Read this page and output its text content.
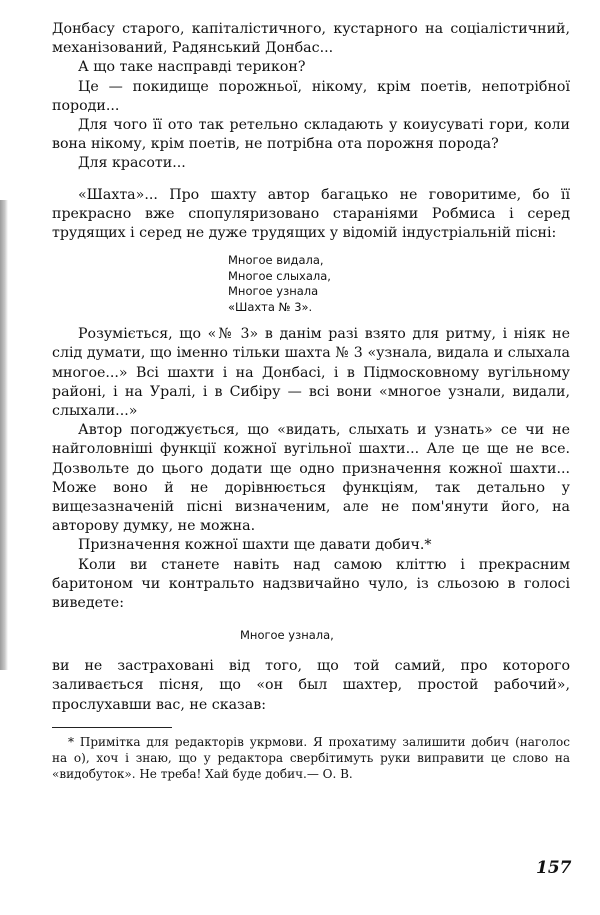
Донбасу старого, капіталістичного, кустарного на соціалістичний, механізований, Радянський Донбас...

А що таке насправді терикон?

Це — покидище порожньої, нікому, крім поетів, непотрібної породи...

Для чого її ото так ретельно складають у коиусуваті гори, коли вона нікому, крім поетів, не потрібна ота порожня порода?

Для красоти...

«Шахта»... Про шахту автор багацько не говоритиме, бо її прекрасно вже спопуляризовано стараніями Робмиса і серед трудящих і серед не дуже трудящих у відомій індустріальній пісні:

Многое видала,
Многое слыхала,
Многое узнала
«Шахта № 3».

Розуміється, що «№ 3» в данім разі взято для ритму, і ніяк не слід думати, що іменно тільки шахта № 3 «узнала, видала и слыхала многое...» Всі шахти і на Донбасі, і в Підмосковному вугільному районі, і на Уралі, і в Сибіру — всі вони «многое узнали, видали, слыхали...»

Автор погоджується, що «видать, слыхать и узнать» се чи не найголовніші функції кожної вугільної шахти... Але це ще не все. Дозвольте до цього додати ще одно призначення кожної шахти... Може воно й не дорівнюється функціям, так детально у вищезазначеній пісні визначеним, але не пом'янути його, на авторову думку, не можна.

Призначення кожної шахти ще давати добич.*

Коли ви станете навіть над самою кліттю і прекрасним баритоном чи контральто надзвичайно чуло, із сльозою в голосі виведете:

Многое узнала,

ви не застраховані від того, що той самий, про которого заливається пісня, що «он был шахтер, простой рабочий», прослухавши вас, не сказав:

* Примітка для редакторів укрмови. Я прохатиму залишити добич (наголос на о), хоч і знаю, що у редактора свербітимуть руки виправити це слово на «видобуток». Не треба! Хай буде добич.— О. В.

157
